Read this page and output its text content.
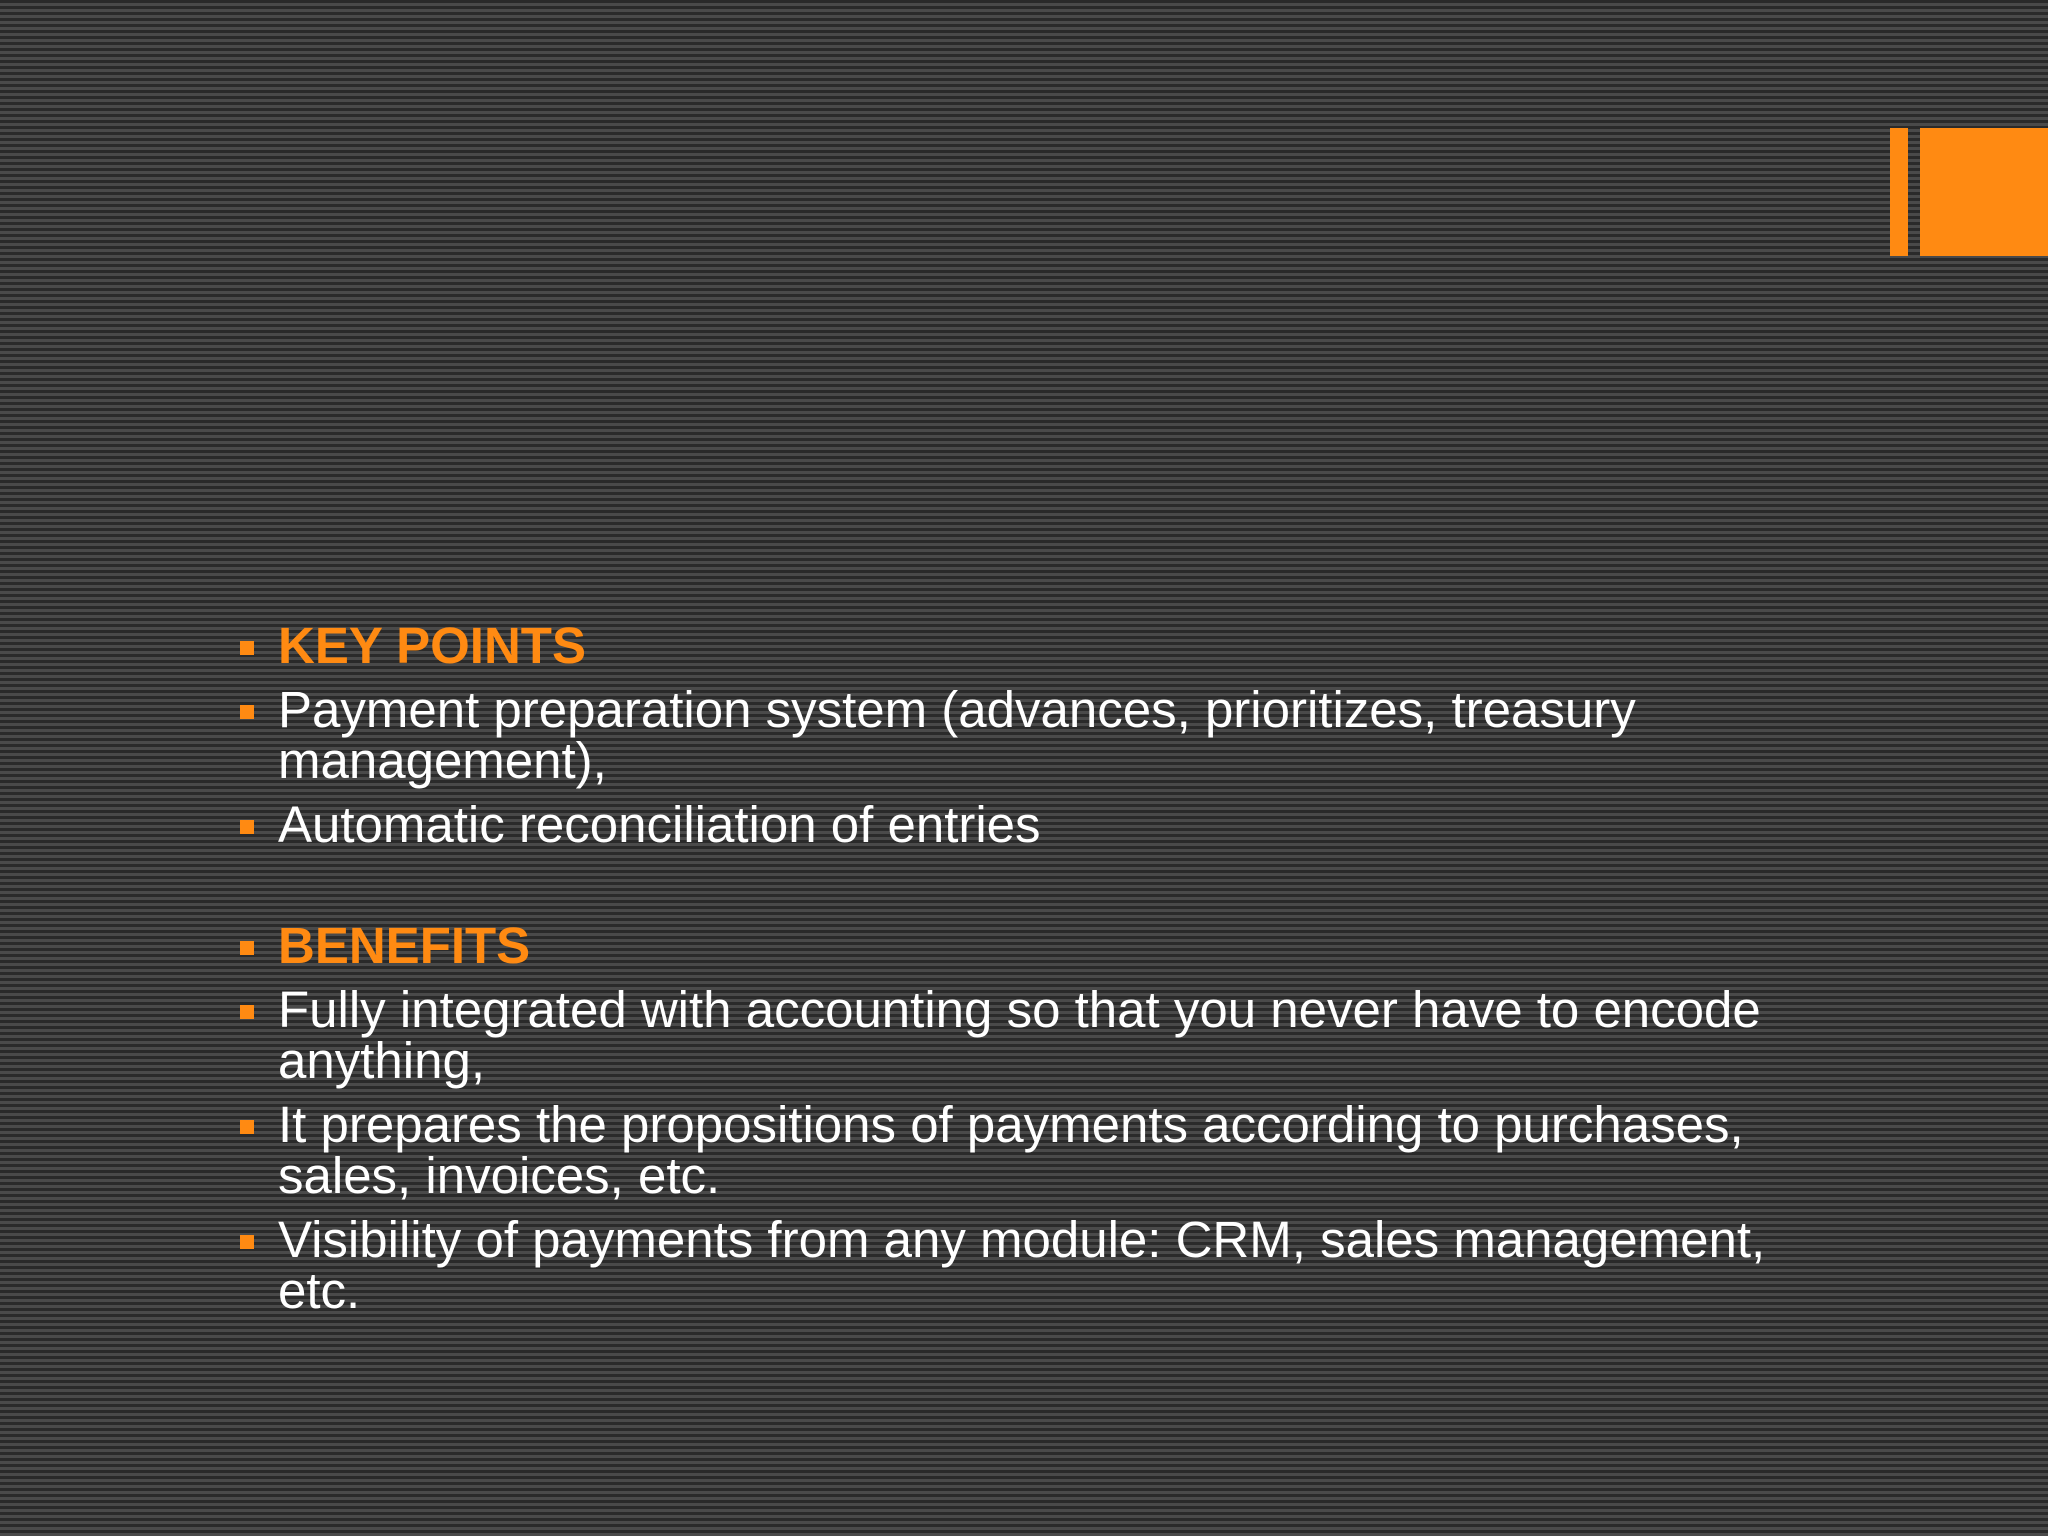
KEY POINTS
Payment preparation system (advances, prioritizes, treasury management),
Automatic reconciliation of entries
BENEFITS
Fully integrated with accounting so that you never have to encode anything,
It prepares the propositions of payments according to purchases, sales, invoices, etc.
Visibility of payments from any module: CRM, sales management, etc.
